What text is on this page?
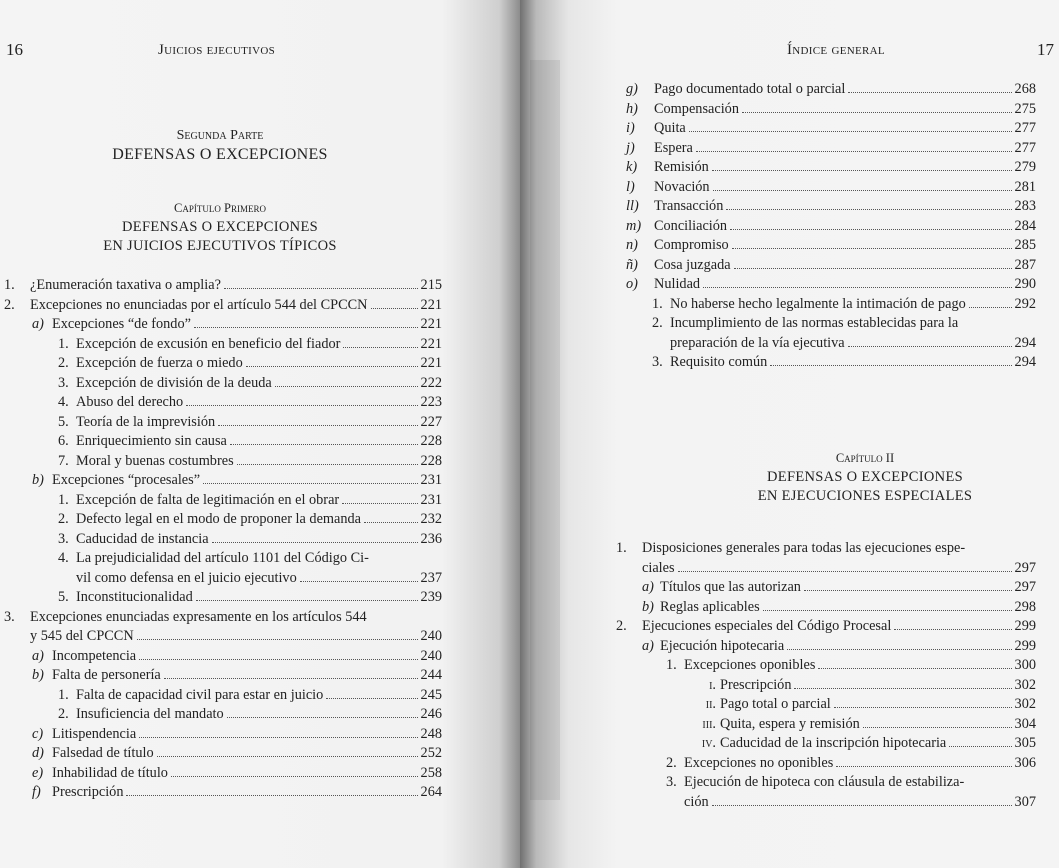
16	Juicios ejecutivos
Segunda Parte
DEFENSAS O EXCEPCIONES
Capítulo Primero
DEFENSAS O EXCEPCIONES
EN JUICIOS EJECUTIVOS TÍPICOS
1.	¿Enumeración taxativa o amplia?	215
2.	Excepciones no enunciadas por el artículo 544 del CPCCN	221
a) Excepciones “de fondo”	221
1. Excepción de excusión en beneficio del fiador	221
2. Excepción de fuerza o miedo	221
3. Excepción de división de la deuda	222
4. Abuso del derecho	223
5. Teoría de la imprevisión	227
6. Enriquecimiento sin causa	228
7. Moral y buenas costumbres	228
b) Excepciones “procesales”	231
1. Excepción de falta de legitimación en el obrar	231
2. Defecto legal en el modo de proponer la demanda	232
3. Caducidad de instancia	236
4. La prejudicialidad del artículo 1101 del Código Ci-
vil como defensa en el juicio ejecutivo	237
5. Inconstitucionalidad	239
3.	Excepciones enunciadas expresamente en los artículos 544
y 545 del CPCCN	240
a) Incompetencia	240
b) Falta de personería	244
1. Falta de capacidad civil para estar en juicio	245
2. Insuficiencia del mandato	246
c) Litispendencia	248
d) Falsedad de título	252
e) Inhabilidad de título	258
f) Prescripción	264
17
Índice general
g)	Pago documentado total o parcial	268
h)	Compensación	275
i)	Quita	277
j)	Espera	277
k)	Remisión	279
l)	Novación	281
ll)	Transacción	283
m) Conciliación	284
n)	Compromiso	285
ñ)	Cosa juzgada	287
o)	Nulidad	290
1. No haberse hecho legalmente la intimación de pago	292
2. Incumplimiento de las normas establecidas para la
preparación de la vía ejecutiva	294
3. Requisito común	294
Capítulo II
DEFENSAS O EXCEPCIONES
EN EJECUCIONES ESPECIALES
1.	Disposiciones generales para todas las ejecuciones espe-
ciales	297
a) Títulos que las autorizan	297
b) Reglas aplicables	298
2.	Ejecuciones especiales del Código Procesal	299
a) Ejecución hipotecaria	299
1. Excepciones oponibles	300
i. Prescripción	302
ii. Pago total o parcial	302
iii. Quita, espera y remisión	304
iv. Caducidad de la inscripción hipotecaria	305
2. Excepciones no oponibles	306
3. Ejecución de hipoteca con cláusula de estabiliza-
ción	307
